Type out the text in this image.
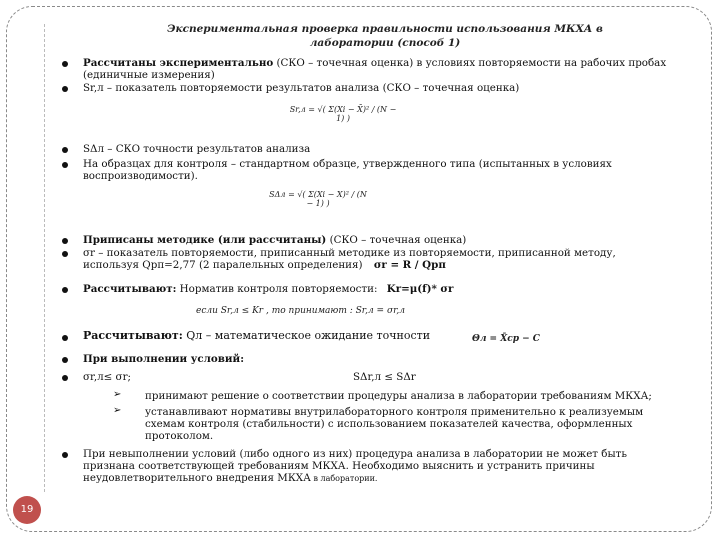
Экспериментальная проверка правильности использования МКХА в
лаборатории (способ 1)
Рассчитаны экспериментально (СКО – точечная оценка) в условиях повторяемости на рабочих пробах (единичные измерения)
Sr,л – показатель повторяемости результатов анализа (СКО – точечная оценка)
Sr,л = √( Σ(Xi − X̄)² / (N − 1) )
SΔл – СКО точности результатов анализа
На образцах для контроля – стандартном образце, утвержденного типа (испытанных в условиях воспроизводимости).
SΔл = √( Σ(Xi − X)² / (N − 1) )
Приписаны методике (или рассчитаны) (СКО – точечная оценка)
σr – показатель повторяемости, приписанный методике из повторяемости, приписанной методу, используя Qрп=2,77 (2 паралельных определения) σr = R / Qрп
Рассчитывают: Норматив контроля повторяемости: Kr=μ(f)* σr
если Sr,л ≤ Kr , то принимают : Sr,л = σr,л
Рассчитывают: Qл – математическое ожидание точности	Θл = X̄ср − C
При выполнении условий:
σr,л≤ σr;	SΔr,л ≤ SΔr
➢ принимают решение о соответствии процедуры анализа в лаборатории требованиям МКХА;
➢ устанавливают нормативы внутрилабораторного контроля применительно к реализуемым схемам контроля (стабильности) с использованием показателей качества, оформленных протоколом.
При невыполнении условий (либо одного из них) процедура анализа в лаборатории не может быть признана соответствующей требованиям МКХА. Необходимо выяснить и устранить причины неудовлетворительного внедрения МКХА в лаборатории.
19
